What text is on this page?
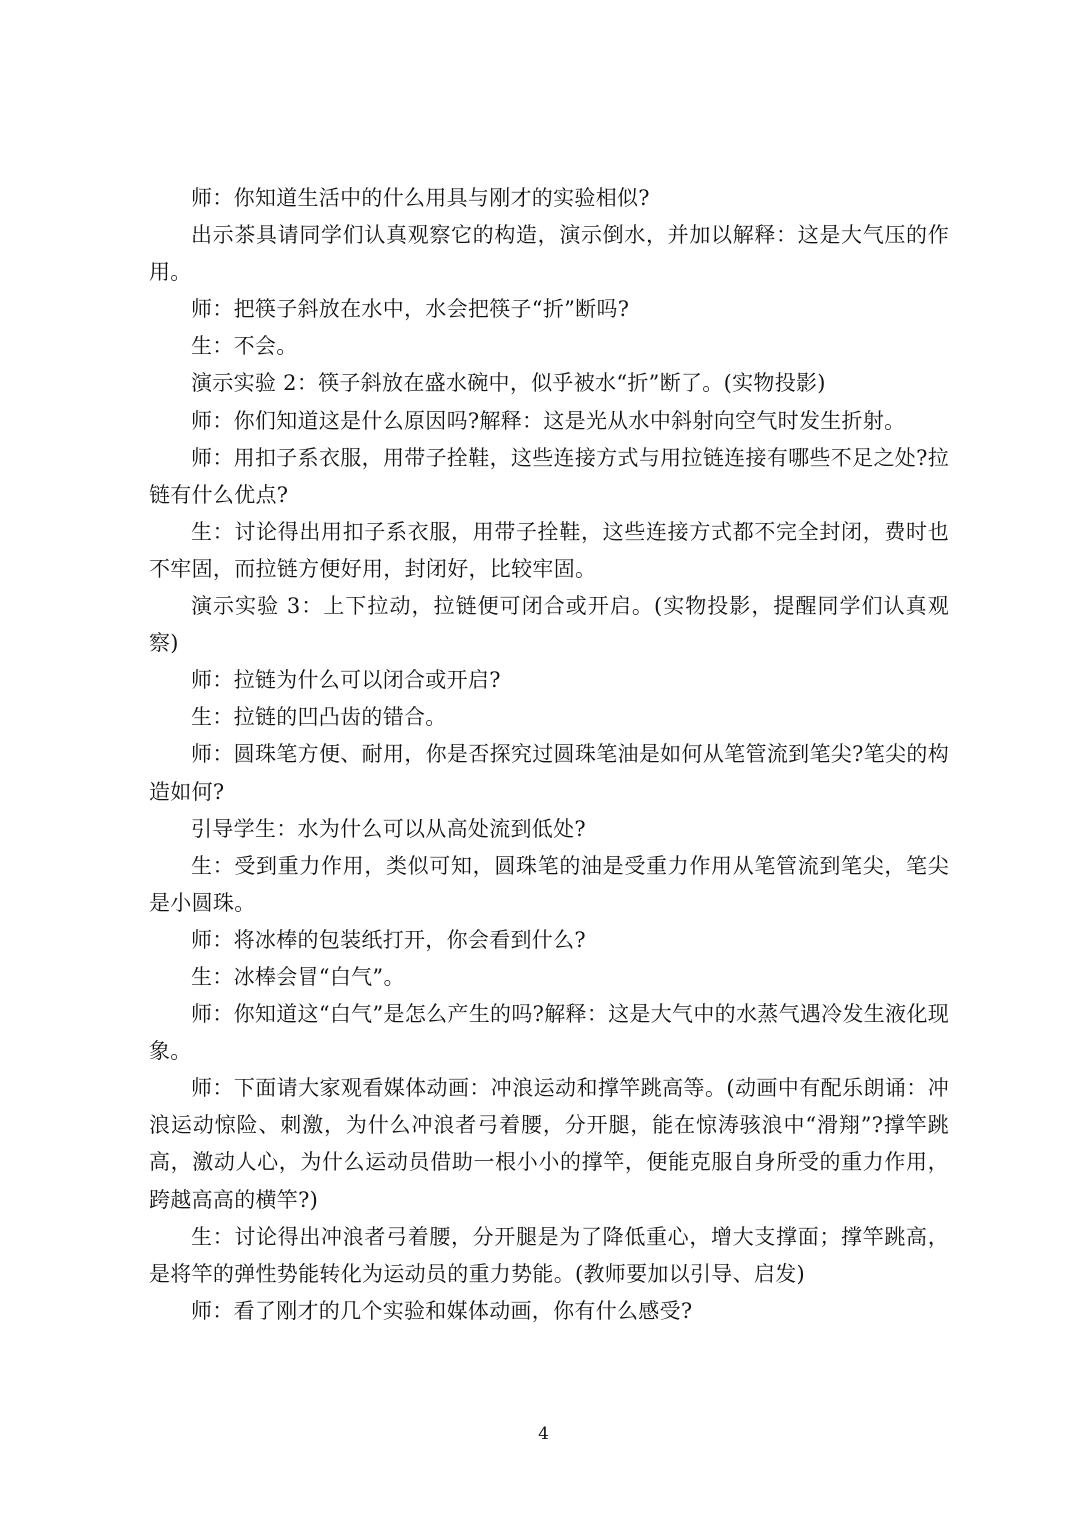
师：你知道生活中的什么用具与刚才的实验相似?

出示茶具请同学们认真观察它的构造，演示倒水，并加以解释：这是大气压的作用。

师：把筷子斜放在水中，水会把筷子“折”断吗?

生：不会。

演示实验 2：筷子斜放在盛水碗中，似乎被水“折”断了。(实物投影)

师：你们知道这是什么原因吗?解释：这是光从水中斜射向空气时发生折射。

师：用扣子系衣服，用带子拴鞋，这些连接方式与用拉链连接有哪些不足之处?拉链有什么优点?

生：讨论得出用扣子系衣服，用带子拴鞋，这些连接方式都不完全封闭，费时也不牢固，而拉链方便好用，封闭好，比较牢固。

演示实验 3：上下拉动，拉链便可闭合或开启。(实物投影，提醒同学们认真观察)

师：拉链为什么可以闭合或开启?

生：拉链的凹凸齿的错合。

师：圆珠笔方便、耐用，你是否探究过圆珠笔油是如何从笔管流到笔尖?笔尖的构造如何?

引导学生：水为什么可以从高处流到低处?

生：受到重力作用，类似可知，圆珠笔的油是受重力作用从笔管流到笔尖，笔尖是小圆珠。

师：将冰棒的包装纸打开，你会看到什么?

生：冰棒会冒“白气”。

师：你知道这“白气”是怎么产生的吗?解释：这是大气中的水蒸气遇冷发生液化现象。

师：下面请大家观看媒体动画：冲浪运动和撑竿跳高等。(动画中有配乐朗诵：冲浪运动惊险、刺激，为什么冲浪者弓着腰，分开腿，能在惊涛骇浪中“滑翔”?撑竿跳高，激动人心，为什么运动员借助一根小小的撑竿，便能克服自身所受的重力作用，跨越高高的横竿?)

生：讨论得出冲浪者弓着腰，分开腿是为了降低重心，增大支撑面；撑竿跳高，是将竿的弹性势能转化为运动员的重力势能。(教师要加以引导、启发)

师：看了刚才的几个实验和媒体动画，你有什么感受?

4
